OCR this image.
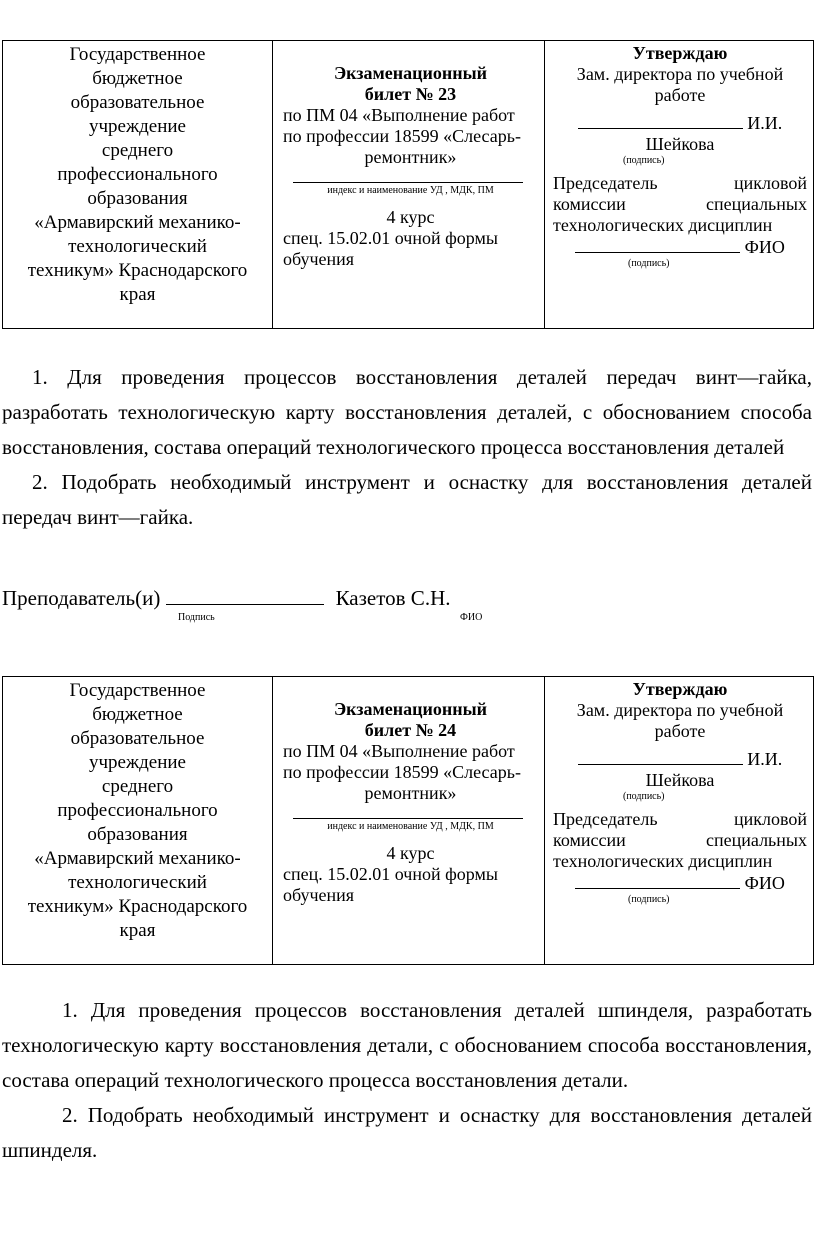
Государственное
бюджетное
образовательное
учреждение
среднего
профессионального
образования
«Армавирский механико-
технологический
техникум» Краснодарского
края
Экзаменационный
билет № 23
по ПМ 04 «Выполнение работ
по профессии 18599 «Слесарь-
ремонтник»
индекс и наименование УД , МДК, ПМ
4 курс
спец. 15.02.01 очной формы
обучения
Утверждаю
Зам. директора по учебной
работе
И.И.
Шейкова
(подпись)
Председатель цикловой
комиссии специальных
технологических дисциплин
ФИО
(подпись)

1. Для проведения процессов восстановления деталей передач винт—гайка, разработать технологическую карту восстановления деталей, с обоснованием способа восстановления, состава операций технологического процесса восстановления деталей

2. Подобрать необходимый инструмент и оснастку для восстановления деталей передач винт—гайка.

Преподаватель(и)	Казетов С.Н.
Подпись	ФИО
Государственное
бюджетное
образовательное
учреждение
среднего
профессионального
образования
«Армавирский механико-
технологический
техникум» Краснодарского
края
Экзаменационный
билет № 24
по ПМ 04 «Выполнение работ
по профессии 18599 «Слесарь-
ремонтник»
индекс и наименование УД , МДК, ПМ
4 курс
спец. 15.02.01 очной формы
обучения
Утверждаю
Зам. директора по учебной
работе
И.И.
Шейкова
(подпись)
Председатель цикловой
комиссии специальных
технологических дисциплин
ФИО
(подпись)

1. Для проведения процессов восстановления деталей шпинделя, разработать технологическую карту восстановления детали, с обоснованием способа восстановления, состава операций технологического процесса восстановления детали.

2. Подобрать необходимый инструмент и оснастку для восстановления деталей шпинделя.
